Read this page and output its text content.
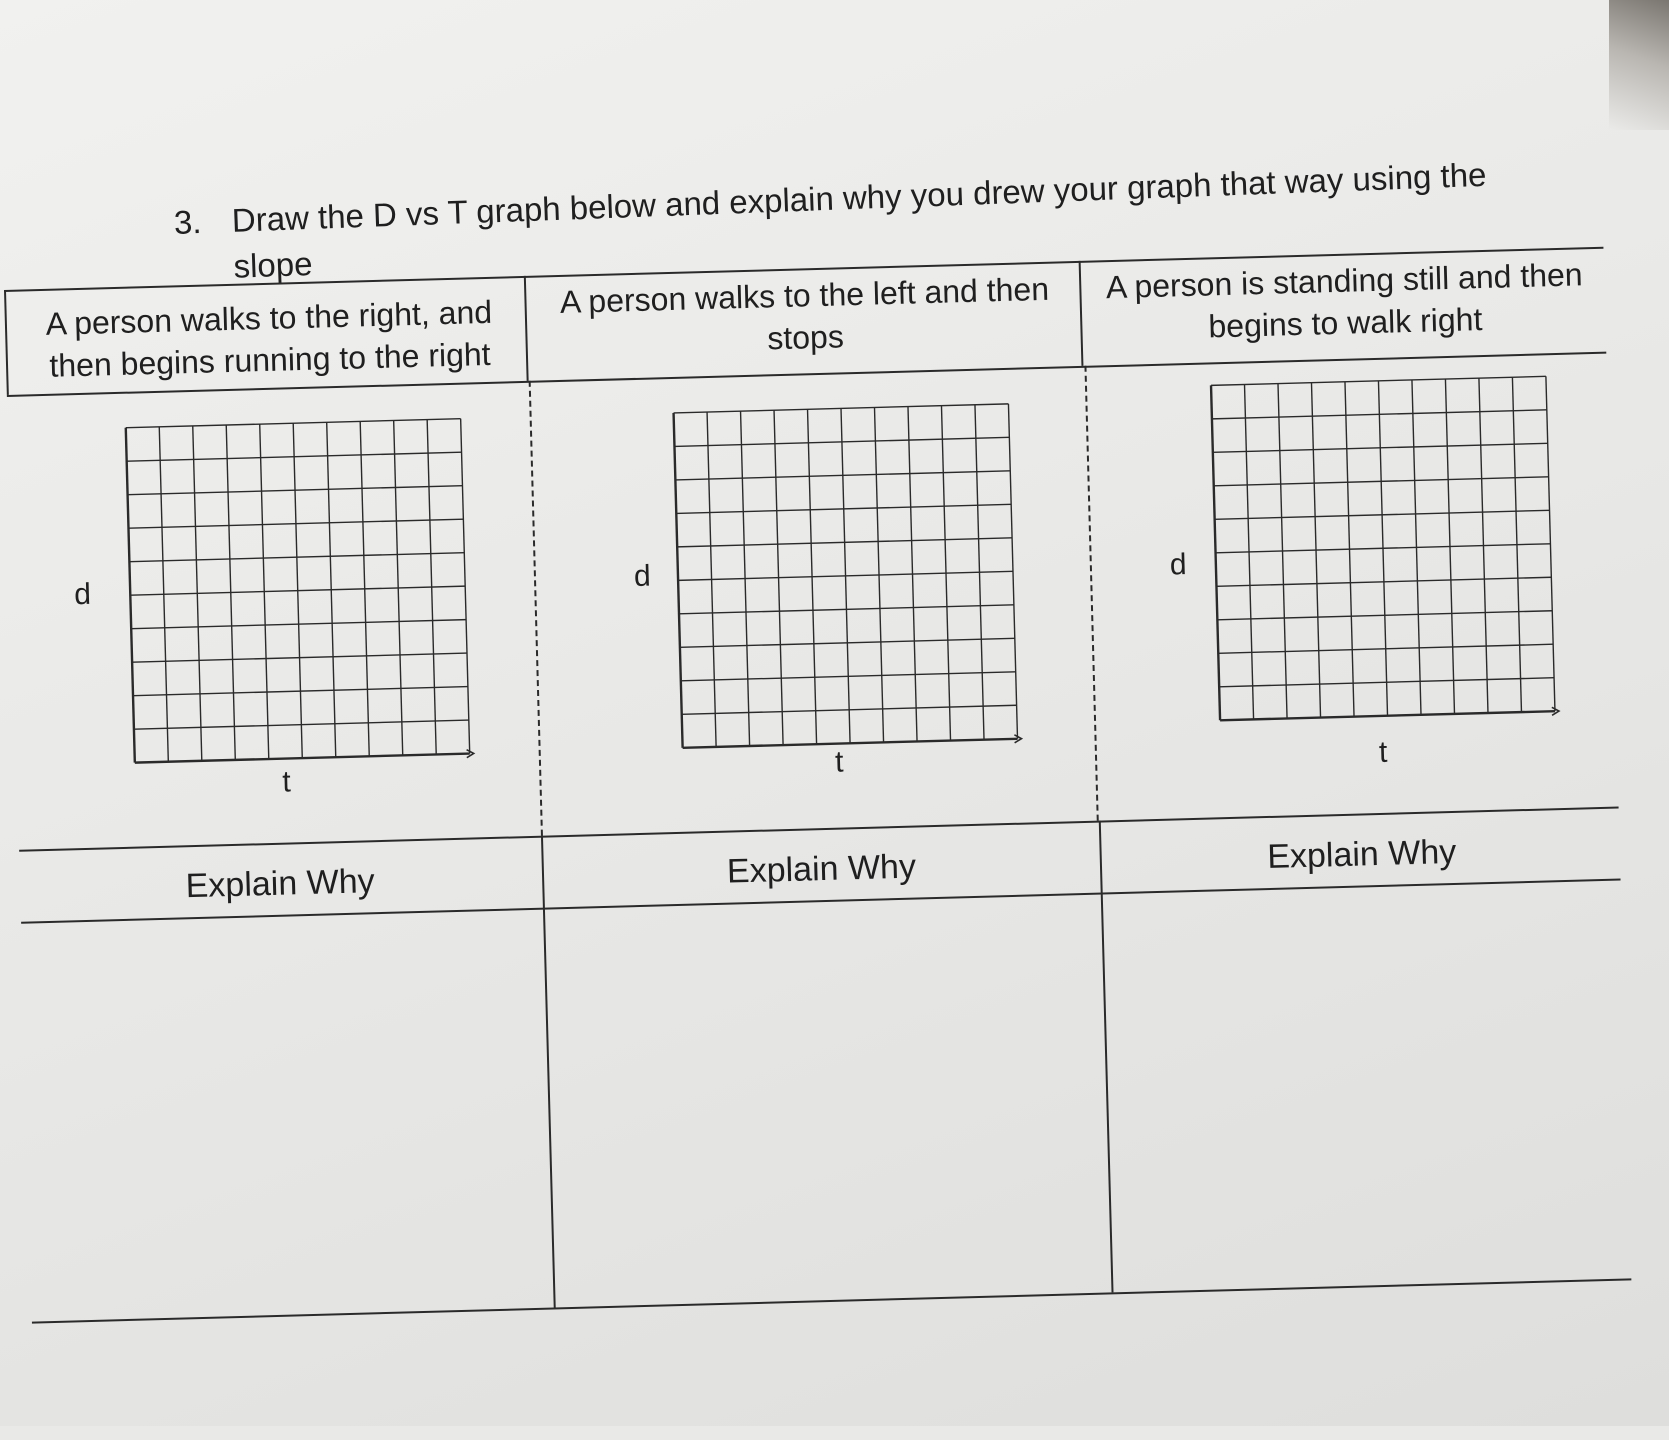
3. Draw the D vs T graph below and explain why you drew your graph that way using the slope
A person walks to the right, and then begins running to the right
A person walks to the left and then stops
A person is standing still and then begins to walk right
d
t
d
t
d
t
Explain Why	Explain Why	Explain Why
